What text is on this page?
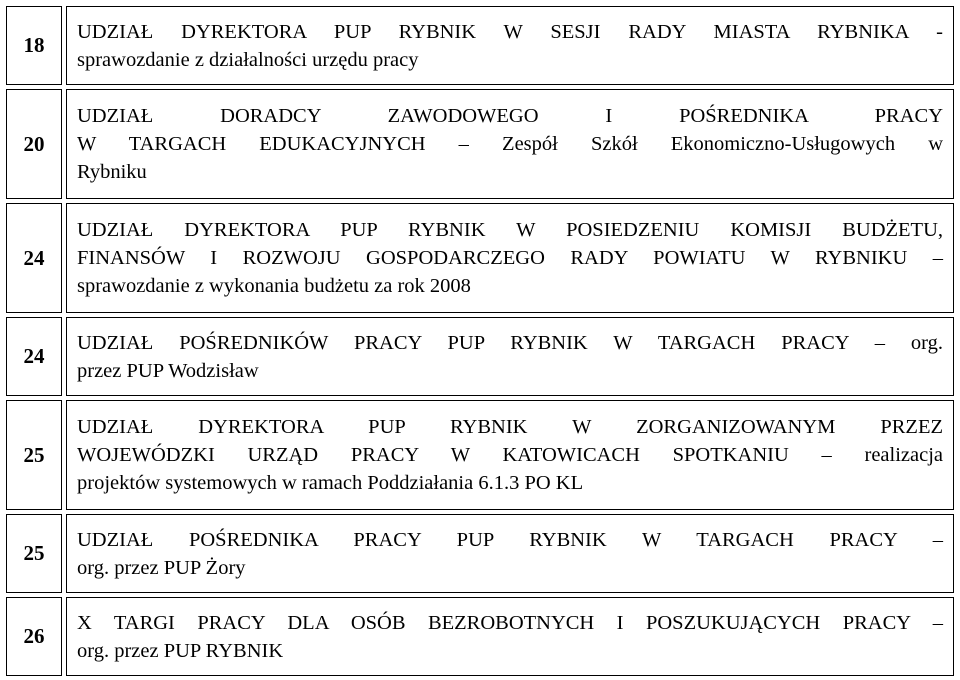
18	UDZIAŁ DYREKTORA PUP RYBNIK W SESJI RADY MIASTA RYBNIKA -
sprawozdanie z działalności urzędu pracy

20	UDZIAŁ DORADCY ZAWODOWEGO I POŚREDNIKA PRACY
W TARGACH EDUKACYJNYCH – Zespół Szkół Ekonomiczno-Usługowych w
Rybniku

24	UDZIAŁ DYREKTORA PUP RYBNIK W POSIEDZENIU KOMISJI BUDŻETU,
FINANSÓW I ROZWOJU GOSPODARCZEGO RADY POWIATU W RYBNIKU –
sprawozdanie z wykonania budżetu za rok 2008

24	UDZIAŁ POŚREDNIKÓW PRACY PUP RYBNIK W TARGACH PRACY – org.
przez PUP Wodzisław

25	UDZIAŁ DYREKTORA PUP RYBNIK W ZORGANIZOWANYM PRZEZ
WOJEWÓDZKI URZĄD PRACY W KATOWICACH SPOTKANIU – realizacja
projektów systemowych w ramach Poddziałania 6.1.3 PO KL

25	UDZIAŁ POŚREDNIKA PRACY PUP RYBNIK W TARGACH PRACY –
org. przez PUP Żory

26	X TARGI PRACY DLA OSÓB BEZROBOTNYCH I POSZUKUJĄCYCH PRACY –
org. przez PUP RYBNIK
